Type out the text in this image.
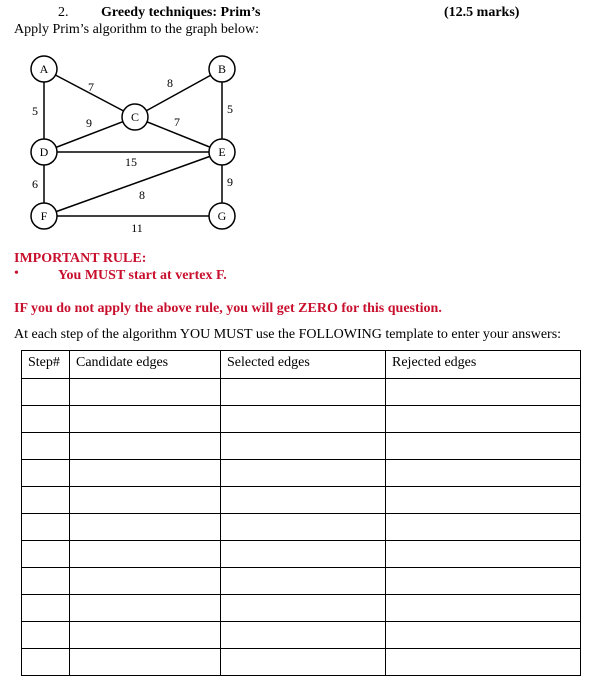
2. Greedy techniques: Prim’s	(12.5 marks)
Apply Prim’s algorithm to the graph below:
7	8
5	5
9	7
15
6	9
8
11
A	B
C
D	E
F	G
IMPORTANT RULE:
•	You MUST start at vertex F.
IF you do not apply the above rule, you will get ZERO for this question.
At each step of the algorithm YOU MUST use the FOLLOWING template to enter your answers:
Step#	Candidate edges	Selected edges	Rejected edges
